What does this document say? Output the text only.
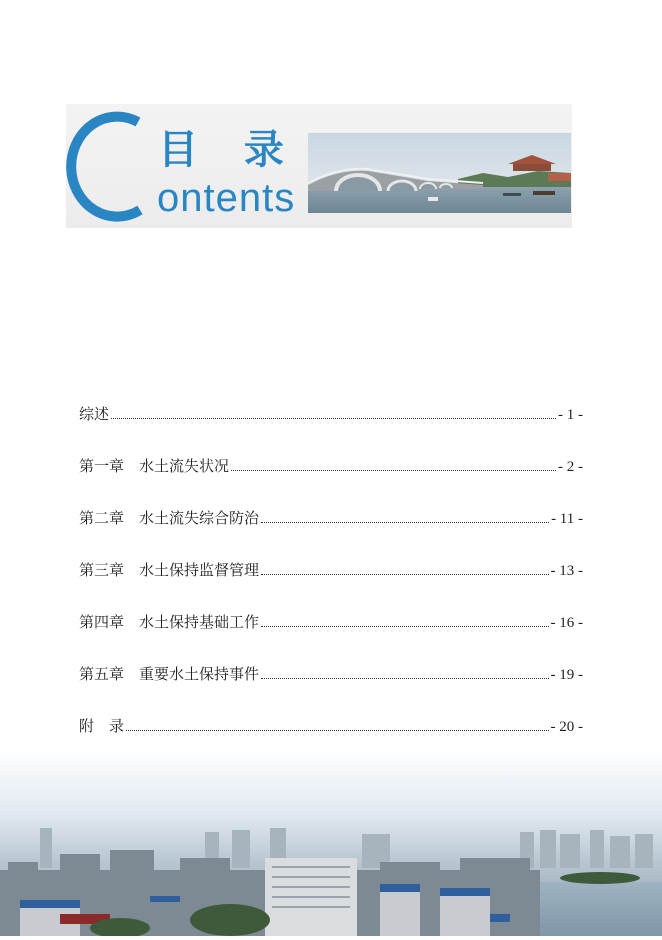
目 录
ontents
综述	- 1 -
第一章　水土流失状况	- 2 -
第二章　水土流失综合防治	- 11 -
第三章　水土保持监督管理	- 13 -
第四章　水土保持基础工作	- 16 -
第五章　重要水土保持事件	- 19 -
附　录	- 20 -
